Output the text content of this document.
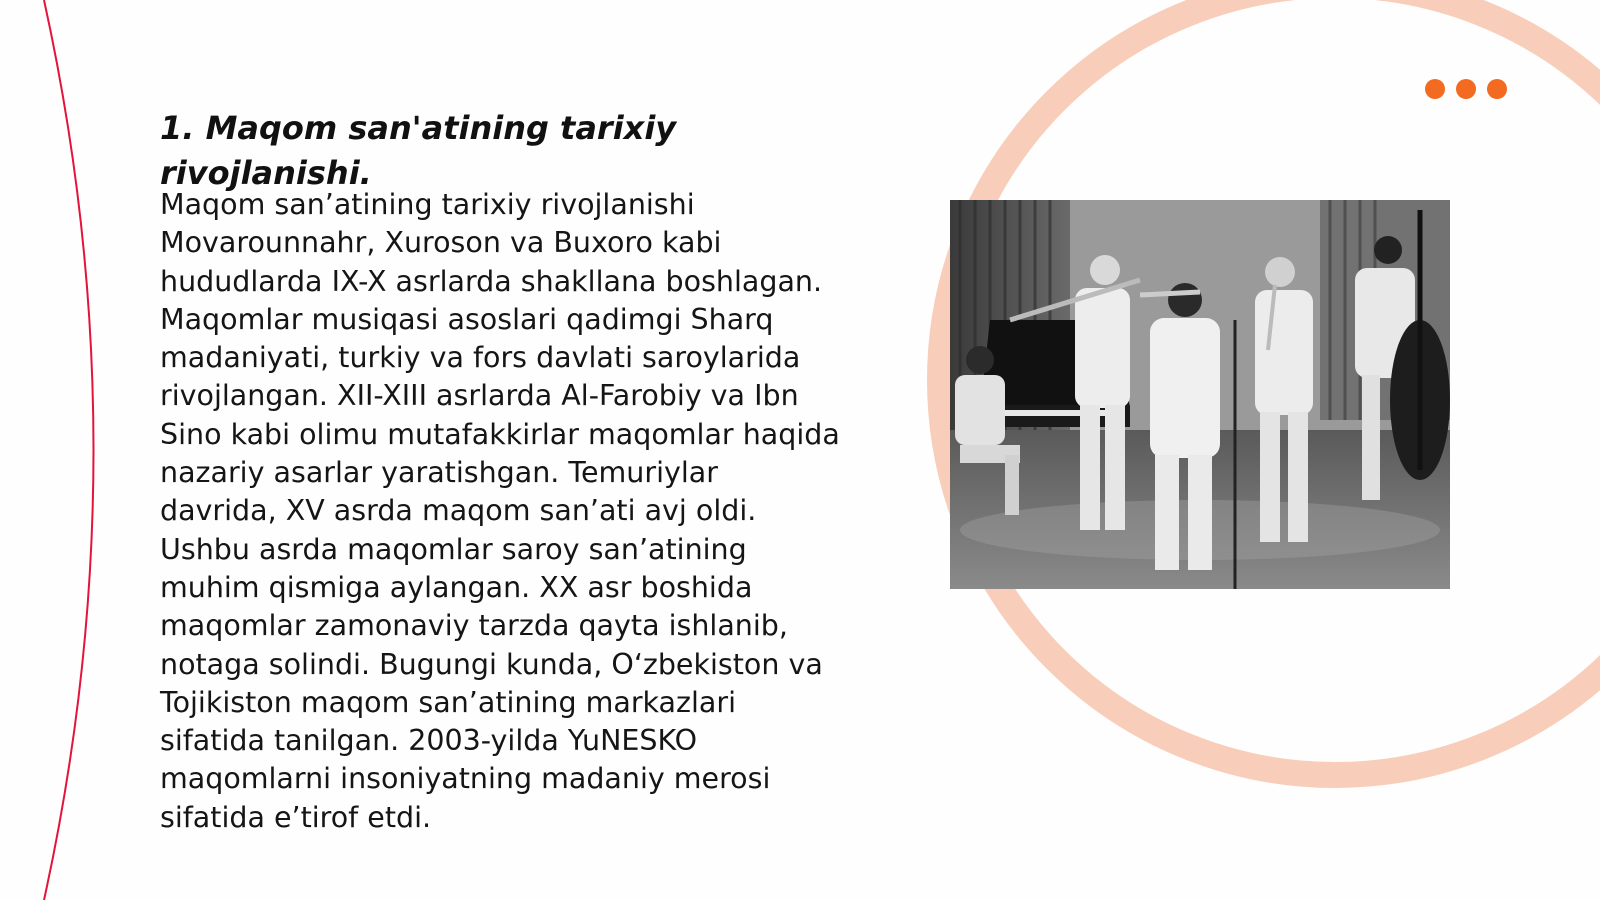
1. Maqom san'atining tarixiy rivojlanishi.

Maqom san’atining tarixiy rivojlanishi Movarounnahr, Xuroson va Buxoro kabi hududlarda IX-X asrlarda shakllana boshlagan. Maqomlar musiqasi asoslari qadimgi Sharq madaniyati, turkiy va fors davlati saroylarida rivojlangan. XII-XIII asrlarda Al-Farobiy va Ibn Sino kabi olimu mutafakkirlar maqomlar haqida nazariy asarlar yaratishgan. Temuriylar davrida, XV asrda maqom san’ati avj oldi. Ushbu asrda maqomlar saroy san’atining muhim qismiga aylangan. XX asr boshida maqomlar zamonaviy tarzda qayta ishlanib, notaga solindi. Bugungi kunda, O‘zbekiston va Tojikiston maqom san’atining markazlari sifatida tanilgan. 2003-yilda YuNESKO maqomlarni insoniyatning madaniy merosi sifatida e’tirof etdi.
